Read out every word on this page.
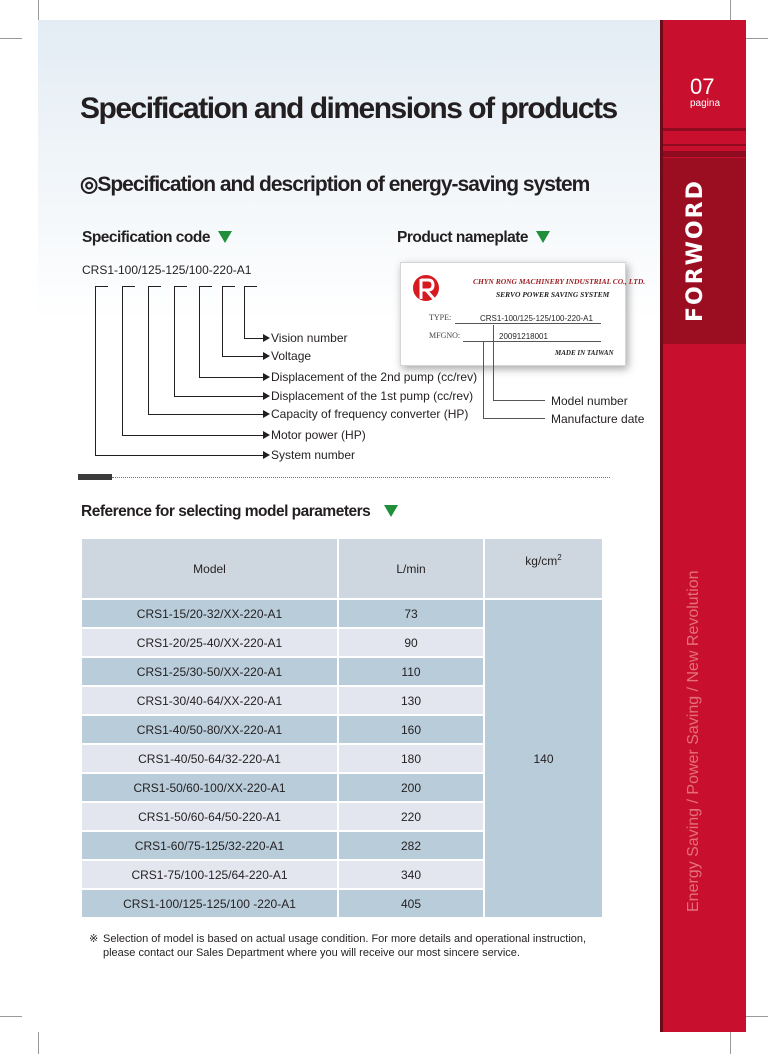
07
pagina
FORWORD
Energy Saving / Power Saving / New Revolution
Specification and dimensions of products
◎Specification and description of energy-saving system
Specification code	Product nameplate
CRS1-100/125-125/100-220-A1
Vision number
Voltage
Displacement of the 2nd pump (cc/rev)
Displacement of the 1st pump (cc/rev)
Capacity of frequency converter (HP)
Motor power (HP)
System number
CHYN RONG MACHINERY INDUSTRIAL CO., LTD.
SERVO POWER SAVING SYSTEM
TYPE:	CRS1-100/125-125/100-220-A1
MFGNO:	20091218001
MADE IN TAIWAN
Model number
Manufacture date
Reference for selecting model parameters
Model	L/min	$kg/cm^2$
CRS1-15/20-32/XX-220-A1	73	140
CRS1-20/25-40/XX-220-A1	90	
CRS1-25/30-50/XX-220-A1	110	
CRS1-30/40-64/XX-220-A1	130	
CRS1-40/50-80/XX-220-A1	160	
CRS1-40/50-64/32-220-A1	180	
CRS1-50/60-100/XX-220-A1	200	
CRS1-50/60-64/50-220-A1	220	
CRS1-60/75-125/32-220-A1	282	
CRS1-75/100-125/64-220-A1	340	
CRS1-100/125-125/100 -220-A1	405	
※ Selection of model is based on actual usage condition. For more details and operational instruction,
please contact our Sales Department where you will receive our most sincere service.
